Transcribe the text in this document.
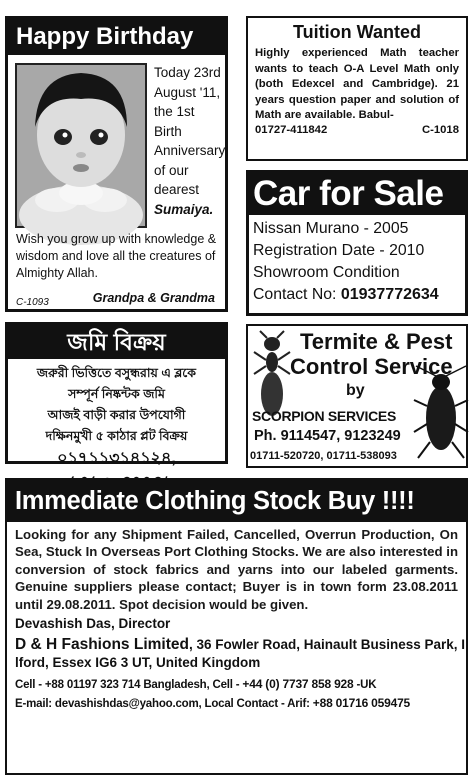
Happy Birthday
Today 23rd
August '11,
the 1st Birth
Anniversary
of our
dearest
Sumaiya.
Wish you grow up with knowledge & wisdom and love all the creatures of Almighty Allah.
C-1093	Grandpa & Grandma
Tuition Wanted
Highly experienced Math teacher wants to teach O-A Level Math only (both Edexcel and Cambridge). 21 years question paper and solution of Math are available. Babul-
01727-411842	C-1018
Car for Sale
Nissan Murano - 2005
Registration Date - 2010
Showroom Condition
Contact No: 01937772634
জমি বিক্রয়
জরুরী ভিত্তিতে বসুন্ধরায় এ ব্লকে
সম্পূর্ন নিষ্কন্টক জমি
আজই বাড়ী করার উপযোগী
দক্ষিনমুখী ৫ কাঠার প্লট বিক্রয়
০১৭১১৩১৪১২৪,
Termite & Pest
Control Service
by
SCORPION SERVICES
Ph. 9114547, 9123249
01711-520720, 01711-538093
Immediate Clothing Stock Buy !!!!
Looking for any Shipment Failed, Cancelled, Overrun Production, On Sea, Stuck In Overseas Port Clothing Stocks. We are also interested in conversion of stock fabrics and yarns into our labeled garments. Genuine suppliers please contact; Buyer is in town form 23.08.2011 until 29.08.2011. Spot decision would be given.
Devashish Das, Director
D & H Fashions Limited, 36 Fowler Road, Hainault Business Park, I lford, Essex IG6 3 UT, United Kingdom
Cell - +88 01197 323 714 Bangladesh, Cell - +44 (0) 7737 858 928 -UK
E-mail: devashishdas@yahoo.com, Local Contact - Arif: +88 01716 059475
